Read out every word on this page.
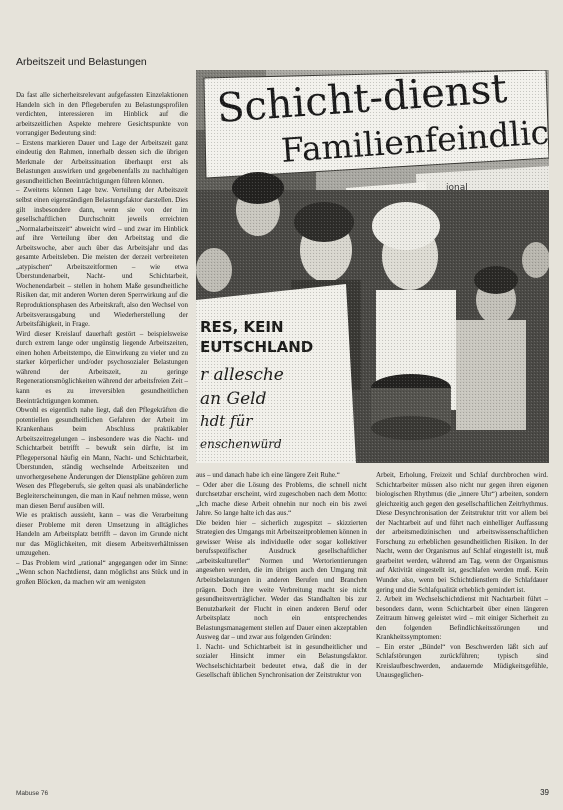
Arbeitszeit und Belastungen

Da fast alle sicherheitsrelevant aufgefassten Einzelaktionen Handeln sich in den Pflegeberufen zu Belastungsprofilen verdichten, interessieren im Hinblick auf die arbeitszeitlichen Aspekte mehrere Gesichtspunkte von vorrangiger Bedeutung sind:

– Erstens markieren Dauer und Lage der Arbeitszeit ganz eindeutig den Rahmen, innerhalb dessen sich die übrigen Merkmale der Arbeitssituation überhaupt erst als Belastungen auswirken und gegebenenfalls zu nachhaltigen gesundheitlichen Beeinträchtigungen führen können.

– Zweitens können Lage bzw. Verteilung der Arbeitszeit selbst einen eigenständigen Belastungsfaktor darstellen. Dies gilt insbesondere dann, wenn sie von der im gesellschaftlichen Durchschnitt jeweils erreichten „Normalarbeitszeit“ abweicht wird – und zwar im Hinblick auf ihre Verteilung über den Arbeitstag und die Arbeitswoche, aber auch über das Arbeitsjahr und das gesamte Arbeitsleben. Die meisten der derzeit verbreiteten „atypischen“ Arbeitszeitformen – wie etwa Überstundenarbeit, Nacht- und Schichtarbeit, Wochenendarbeit – stellen in hohem Maße gesundheitliche Risiken dar, mit anderen Worten deren Sperrwirkung auf die Reproduktionsphasen des Arbeitskraft, also den Wechsel von Arbeitsverausgabung und Wiederherstellung der Arbeitsfähigkeit, in Frage.

Wird dieser Kreislauf dauerhaft gestört – beispielsweise durch extrem lange oder ungünstig liegende Arbeitszeiten, einen hohen Arbeitstempo, die Einwirkung zu vieler und zu starker körperlicher und/oder psychosozialer Belastungen während der Arbeitszeit, zu geringe Regenerationsmöglichkeiten während der arbeitsfreien Zeit – kann es zu irreversiblen gesundheitlichen Beeinträchtigungen kommen.

Obwohl es eigentlich nahe liegt, daß den Pflegekräften die potentiellen gesundheitlichen Gefahren der Arbeit im Krankenhaus beim Abschluss praktikabler Arbeitszeitregelungen – insbesondere was die Nacht- und Schichtarbeit betrifft – bewußt sein dürfte, ist im Pflegepersonal häufig ein Mann, Nacht- und Schichtarbeit, Überstunden, ständig wechselnde Arbeitszeiten und unvorhergesehene Änderungen der Dienstpläne gehören zum Wesen des Pflegeberufs, sie gelten quasi als unabänderliche Begleiterscheinungen, die man in Kauf nehmen müsse, wenn man diesen Beruf ausüben will.

Wie es praktisch aussieht, kann – was die Verarbeitung dieser Probleme mit deren Umsetzung in alltägliches Handeln am Arbeitsplatz betrifft – davon im Grunde nicht nur das Möglichkeiten, mit diesem Arbeitsverhältnissen umzugehen.

– Das Problem wird „rational“ angegangen oder im Sinne: „Wenn schon Nachtdienst, dann möglichst ans Stück und in großen Blöcken, da machen wir am wenigsten

aus – und danach habe ich eine längere Zeit Ruhe.“

– Oder aber die Lösung des Problems, die schnell nicht durchsetzbar erscheint, wird zugeschoben nach dem Motto: „Ich mache diese Arbeit ohnehin nur noch ein bis zwei Jahre. So lange halte ich das aus.“

Die beiden hier – sicherlich zugespitzt – skizzierten Strategien des Umgangs mit Arbeitszeitproblemen können in gewisser Weise als individuelle oder sogar kollektiver berufsspezifischer Ausdruck gesellschaftlicher „arbeitskultureller“ Normen und Wertorientierungen angesehen werden, die im übrigen auch den Umgang mit Arbeitsbelastungen in anderen Berufen und Branchen prägen. Doch ihre weite Verbreitung macht sie nicht gesundheitsverträglicher. Weder das Standhalten bis zur Benutzbarkeit der Flucht in einen anderen Beruf oder Arbeitsplatz noch ein entsprechendes Belastungsmanagement stellen auf Dauer einen akzeptablen Ausweg dar – und zwar aus folgenden Gründen:

1. Nacht- und Schichtarbeit ist in gesundheitlicher und sozialer Hinsicht immer ein Belastungsfaktor. Wechselschichtarbeit bedeutet etwa, daß die in der Gesellschaft üblichen Synchronisation der Zeitstruktur von

Arbeit, Erholung, Freizeit und Schlaf durchbrochen wird. Schichtarbeiter müssen also nicht nur gegen ihren eigenen biologischen Rhythmus (die „innere Uhr“) arbeiten, sondern gleichzeitig auch gegen den gesellschaftlichen Zeitrhythmus. Diese Desynchronisation der Zeitstruktur tritt vor allem bei der Nachtarbeit auf und führt nach einhelliger Auffassung der arbeitsmedizinischen und arbeitswissenschaftlichen Forschung zu erheblichen gesundheitlichen Risiken. In der Nacht, wenn der Organismus auf Schlaf eingestellt ist, muß gearbeitet werden, während am Tag, wenn der Organismus auf Aktivität eingestellt ist, geschlafen werden muß. Kein Wunder also, wenn bei Schichtdienstlern die Schlafdauer gering und die Schlafqualität erheblich gemindert ist.

2. Arbeit im Wechselschichtdienst mit Nachtarbeit führt – besonders dann, wenn Schichtarbeit über einen längeren Zeitraum hinweg geleistet wird – mit einiger Sicherheit zu den folgenden Befindlichkeitsstörungen und Krankheitssymptomen:

– Ein erster „Bündel“ von Beschwerden läßt sich auf Schlafstörungen zurückführen; typisch sind Kreislaufbeschwerden, andauernde Müdigkeitsgefühle, Unausgeglichen-

Mabuse 76	39
